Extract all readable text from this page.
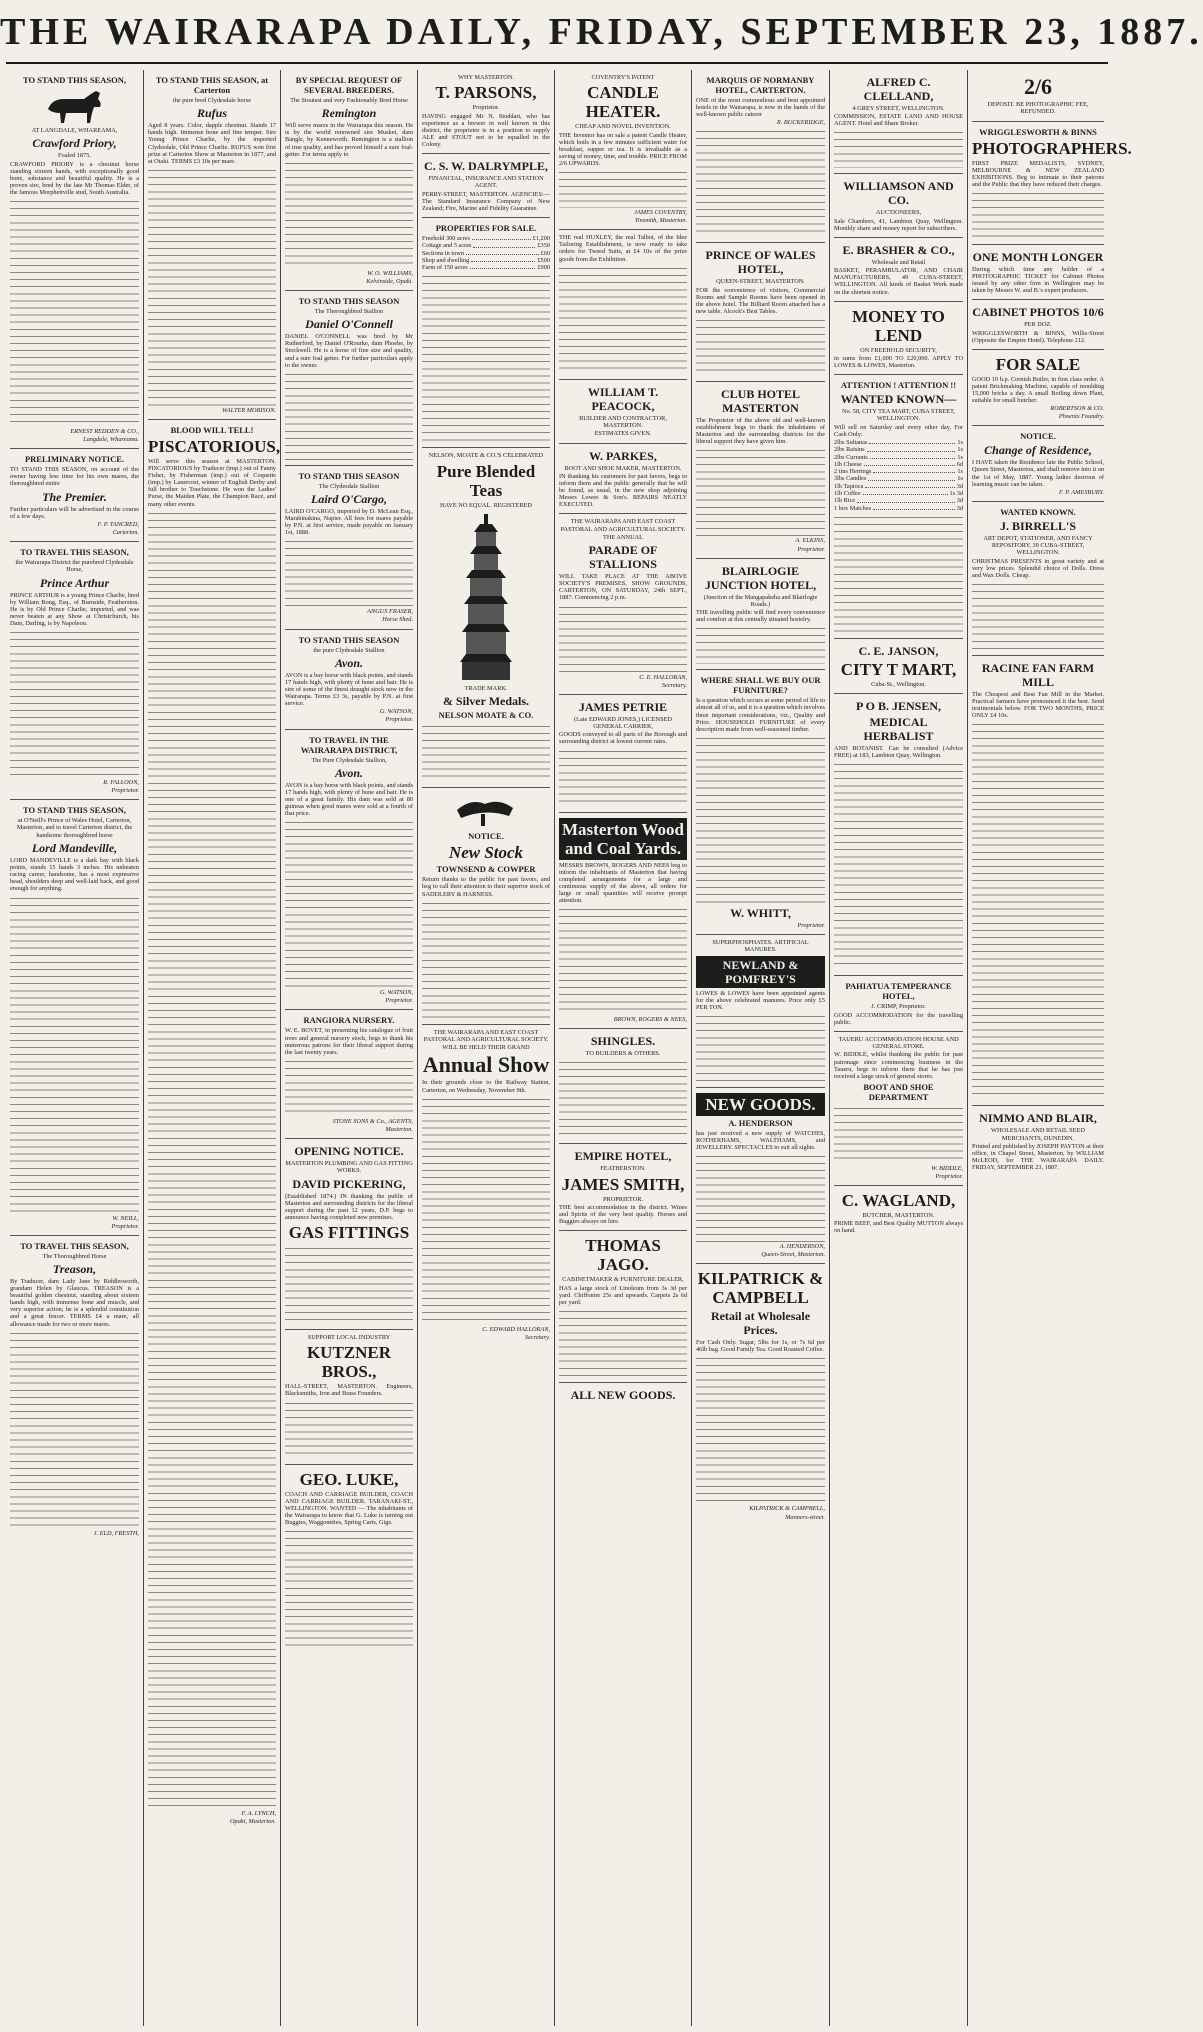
THE WAIRARAPA DAILY, FRIDAY, SEPTEMBER 23, 1887.
TO STAND THIS SEASON,
AT LANGDALE, WHAREAMA,
Crawford Priory,
Foaled 1875.
CRAWFORD PRIORY is a chestnut horse standing sixteen hands, with exceptionally good bone, substance and beautiful quality. He is a proven sire, bred by the late Mr Thomas Elder, of the famous Morphettville stud, South Australia.
ERNEST REDDEN & CO.,
Langdale, Whareama.
PRELIMINARY NOTICE.
TO STAND THIS SEASON, on account of the owner having less time for his own mares, the thoroughbred entire
The Premier.
Further particulars will be advertised in the course of a few days.
F. P. TANCRED,
Carterton.
TO TRAVEL THIS SEASON,
the Wairarapa District the purebred Clydesdale Horse,
Prince Arthur
PRINCE ARTHUR is a young Prince Charlie, bred by William Bong, Esq., of Burnside, Featherston. He is by Old Prince Charlie, imported, and was never beaten at any Show at Christchurch, his Dam, Darling, is by Napoleon.
R. FALLOON,
Proprietor.
TO STAND THIS SEASON,
at O'Neill's Prince of Wales Hotel, Carterton, Masterton, and to travel Carterton district, the handsome thoroughbred horse
Lord Mandeville,
LORD MANDEVILLE is a dark bay with black points, stands 15 hands 3 inches. His unbeaten racing career, handsome, has a most expressive head, shoulders deep and well-laid back, and good enough for anything.
W. NEILL,
Proprietor.
TO TRAVEL THIS SEASON,
The Thoroughbred Horse
Treason,
By Traducer, dam Lady Jane by Riddlesworth, grandam Helen by Glaucus. TREASON is a beautiful golden chestnut, standing about sixteen hands high, with immense bone and muscle, and very superior action; he is a splendid constitution and a great fencer. TERMS £4 a mare, all allowance made for two or more mares.
J. ELD, FRESTH,
TO STAND THIS SEASON, at Carterton
the pure bred Clydesdale horse
Rufus
Aged 8 years. Color, dapple chestnut. Stands 17 hands high. Immense bone and fine temper. Sire Young Prince Charlie, by the imported Clydesdale, Old Prince Charlie. RUFUS won first prize at Carterton Show at Masterton in 1877, and at Otaki. TERMS £3 10s per mare.
WALTER MORISON.
BLOOD WILL TELL!
PISCATORIOUS,
Will serve this season at MASTERTON. PISCATORIOUS by Traducer (imp.) out of Fanny Fisher, by Fisherman (imp.) out of Coquette (imp.) by Lanercost, winner of English Derby and full brother to Touchstone. He won the Ladies' Purse, the Maiden Plate, the Champion Race, and many other events.
F. A. LYNCH,
Opaki, Masterton.
BY SPECIAL REQUEST OF SEVERAL BREEDERS.
The Stoutest and very Fashionably Bred Horse
Remington
Will serve mares in the Wairarapa this season. He is by the world renowned sire Musket, dam Bangle, by Kenneworth. Remington is a stallion of true quality, and has proved himself a sure foal-getter. For terms apply to
W. O. WILLIAMS,
Kelvinside, Opaki.
TO STAND THIS SEASON
The Thoroughbred Stallion
Daniel O'Connell
DANIEL O'CONNELL was bred by Mr Rutherford, by Daniel O'Rourke, dam Phoebe, by Stockwell. He is a horse of fine size and quality, and a sure foal getter. For further particulars apply to the owner.
TO STAND THIS SEASON
The Clydesdale Stallion
Laird O'Cargo,
LAIRD O'CARGO, imported by D. McLean Esq., Marahinakina, Napier. All fees for mares payable by P.N. at first service, made payable on January 1st, 1888.
ANGUS FRASER,
Horse Shed.
TO STAND THIS SEASON
the pure Clydesdale Stallion
Avon.
AVON is a bay horse with black points, and stands 17 hands high, with plenty of bone and hair. He is sire of some of the finest draught stock now in the Wairarapa. Terms £3 3s, payable by P.N. at first service.
G. WATSON,
Proprietor.
TO TRAVEL IN THE WAIRARAPA DISTRICT,
The Pure Clydesdale Stallion,
Avon.
AVON is a bay horse with black points, and stands 17 hands high, with plenty of bone and hair. He is one of a great family. His dam was sold at 80 guineas when good mares were sold at a fourth of that price.
G. WATSON,
Proprietor.
RANGIORA NURSERY.
W. E. BOVET, in presenting his catalogue of fruit trees and general nursery stock, begs to thank his numerous patrons for their liberal support during the last twenty years.
STONE SONS & Co., AGENTS,
Masterton.
OPENING NOTICE.
MASTERTON PLUMBING AND GAS FITTING WORKS.
DAVID PICKERING,
(Established 1874.) IN thanking the public of Masterton and surrounding districts for the liberal support during the past 12 years, D.P. begs to announce having completed new premises.
GAS FITTINGS
SUPPORT LOCAL INDUSTRY
KUTZNER BROS.,
HALL-STREET, MASTERTON. Engineers, Blacksmiths, Iron and Brass Founders.
GEO. LUKE,
COACH AND CARRIAGE BUILDER, COACH AND CARRIAGE BUILDER. TARANAKI-ST., WELLINGTON. WANTED — The inhabitants of the Wairarapa to know that G. Luke is turning out Buggies, Waggonettes, Spring Carts, Gigs.
WHY MASTERTON.
T. PARSONS,
Proprietor.
HAVING engaged Mr N. Stoddart, who has experience as a brewer in well known in this district, the proprietor is in a position to supply ALE and STOUT not to be equalled in the Colony.
C. S. W. DALRYMPLE,
FINANCIAL, INSURANCE AND STATION AGENT.
PERRY-STREET, MASTERTON. AGENCIES:—The Standard Insurance Company of New Zealand; Fire, Marine and Fidelity Guarantee.
PROPERTIES FOR SALE.
Freehold 300 acres	£1,200
Cottage and 5 acres	£350
Sections in town	£60
Shop and dwelling	£500
Farm of 150 acres	£900
NELSON, MOATE & CO.'S CELEBRATED
Pure Blended Teas
HAVE NO EQUAL. REGISTERED
TRADE MARK.
& Silver Medals.
NELSON MOATE & CO.
NOTICE.
New Stock
TOWNSEND & COWPER
Return thanks to the public for past favors, and beg to call their attention to their superior stock of SADDLERY & HARNESS.
THE WAIRARAPA AND EAST COAST PASTORAL AND AGRICULTURAL SOCIETY.
WILL BE HELD THEIR GRAND
Annual Show
In their grounds close to the Railway Station, Carterton, on Wednesday, November 9th.
C. EDWARD HALLORAN,
Secretary.
COVENTRY'S PATENT
CANDLE HEATER.
CHEAP AND NOVEL INVENTION.
THE Inventor has on sale a patent Candle Heater, which boils in a few minutes sufficient water for breakfast, supper or tea. It is invaluable as a saving of money, time, and trouble. PRICE FROM 2/6 UPWARDS.
JAMES COVENTRY,
Tinsmith, Masterton.
THE real HUXLEY, the real Talbot, of the Idee Tailoring Establishment, is now ready to take orders for Tweed Suits, at £4 10s of the prize goods from the Exhibition.
WILLIAM T. PEACOCK,
BUILDER AND CONTRACTOR, MASTERTON.
ESTIMATES GIVEN.
W. PARKES,
BOOT AND SHOE MAKER, MASTERTON.
IN thanking his customers for past favors, begs to inform them and the public generally that he will be found, as usual, in the new shop adjoining Messrs Lowes & Son's. REPAIRS NEATLY EXECUTED.
THE WAIRARAPA AND EAST COAST PASTORAL AND AGRICULTURAL SOCIETY.
THE ANNUAL
PARADE OF STALLIONS
WILL TAKE PLACE AT THE ABOVE SOCIETY'S PREMISES, SHOW GROUNDS, CARTERTON, ON SATURDAY, 24th SEPT., 1887. Commencing 2 p.m.
C. E. HALLORAN,
Secretary.
JAMES PETRIE
(Late EDWARD JONES,) LICENSED GENERAL CARRIER,
GOODS conveyed to all parts of the Borough and surrounding district at lowest current rates.
Masterton Wood and Coal Yards.
MESSRS BROWN, ROGERS AND NEES beg to inform the inhabitants of Masterton that having completed arrangements for a large and continuous supply of the above, all orders for large or small quantities will receive prompt attention.
BROWN, ROGERS & NEES,
SHINGLES.
TO BUILDERS & OTHERS.
EMPIRE HOTEL,
FEATHERSTON.
JAMES SMITH,
PROPRIETOR.
THE best accommodation in the district. Wines and Spirits of the very best quality. Horses and Buggies always on hire.
THOMAS JAGO.
CABINETMAKER & FURNITURE DEALER,
HAS a large stock of Linoleum from 3s 3d per yard. Chiffonier 25s and upwards. Carpets 2s 6d per yard.
ALL NEW GOODS.
MARQUIS OF NORMANBY HOTEL, CARTERTON.
ONE of the most commodious and best appointed hotels in the Wairarapa, is now in the hands of the well-known public caterer
R. BUCKERIDGE,
PRINCE OF WALES HOTEL,
QUEEN-STREET, MASTERTON.
FOR the convenience of visitors, Commercial Rooms and Sample Rooms have been opened in the above hotel. The Billiard Room attached has a new table. Alcock's Best Tables.
CLUB HOTEL MASTERTON
The Proprietor of the above old and well-known establishment begs to thank the inhabitants of Masterton and the surrounding districts for the liberal support they have given him.
A. ELKINS,
Proprietor.
BLAIRLOGIE JUNCTION HOTEL,
(Junction of the Mangapakeha and Blairlogie Roads.)
THE travelling public will find every convenience and comfort at this centrally situated hostelry.
WHERE SHALL WE BUY OUR FURNITURE?
Is a question which occurs at some period of life to almost all of us, and it is a question which involves three important considerations, viz., Quality and Price. HOUSEHOLD FURNITURE of every description made from well-seasoned timber.
W. WHITT,
Proprietor.
SUPERPHOSPHATES. ARTIFICIAL MANURES.
NEWLAND & POMFREY'S
LOWES & LOWES have been appointed agents for the above celebrated manures. Price only £5 PER TON.
NEW GOODS.
A. HENDERSON
has just received a new supply of WATCHES, ROTHERHAMS, WALTHAMS, and JEWELLERY. SPECTACLES to suit all sights.
A. HENDERSON,
Queen-Street, Masterton.
KILPATRICK & CAMPBELL
Retail at Wholesale Prices.
For Cash Only. Sugar, 5lbs for 1s, or 7s 6d per 46lb bag. Good Family Tea. Good Roasted Coffee.
KILPATRICK & CAMPBELL,
Manners-street.
ALFRED C. CLELLAND,
4 GREY STREET, WELLINGTON.
COMMISSION, ESTATE LAND AND HOUSE AGENT. Hotel and Share Broker.
WILLIAMSON AND CO.
AUCTIONEERS,
Sale Chambers, 41, Lambton Quay, Wellington. Monthly share and money report for subscribers.
E. BRASHER & CO.,
Wholesale and Retail
BASKET, PERAMBULATOR, AND CHAIR MANUFACTURERS, 49 CUBA-STREET, WELLINGTON. All kinds of Basket Work made on the shortest notice.
MONEY TO LEND
ON FREEHOLD SECURITY,
in sums from £1,000 TO £20,000. APPLY TO LOWES & LOWES, Masterton.
ATTENTION ! ATTENTION !!
WANTED KNOWN—
No. 58, CITY TEA MART, CUBA STREET, WELLINGTON.
Will sell on Saturday and every other day, For Cash Only:
2lbs Sultanas	1s
2lbs Raisins	1s
2lbs Currants	1s
1lb Cheese	6d
2 tins Herrings	1s
3lbs Candles	1s
1lb Tapioca	3d
1lb Coffee	1s 3d
1lb Rice	3d
1 box Matches	3d
C. E. JANSON,
CITY T MART,
Cuba-St., Wellington.
P O B. JENSEN,
MEDICAL HERBALIST
AND BOTANIST. Can be consulted (Advice FREE) at 183, Lambton Quay, Wellington.
PAHIATUA TEMPERANCE HOTEL,
J. CRIMP, Proprietor.
GOOD ACCOMMODATION for the travelling public.
TAUERU ACCOMMODATION HOUSE AND GENERAL STORE.
W. BIDDLE, whilst thanking the public for past patronage since commencing business in the Taueru, begs to inform them that he has just received a large stock of general stores.
BOOT AND SHOE DEPARTMENT
W. BIDDLE,
Proprietor.
C. WAGLAND,
BUTCHER, MASTERTON.
PRIME BEEF, and Best Quality MUTTON always on hand.
2/6
DEPOSIT. BE PHOTOGRAPHIC FEE, REFUNDED.
WRIGGLESWORTH & BINNS
PHOTOGRAPHERS.
FIRST PRIZE MEDALISTS, SYDNEY, MELBOURNE & NEW ZEALAND EXHIBITIONS. Beg to intimate to their patrons and the Public that they have reduced their charges.
ONE MONTH LONGER
During which time any holder of a PHOTOGRAPHIC TICKET for Cabinet Photos issued by any other firm in Wellington may be taken by Messrs W. and B.'s expert producers.
CABINET PHOTOS 10/6
PER DOZ.
WRIGGLESWORTH & BINNS, Willis-Street (Opposite the Empire Hotel). Telephone 212.
FOR SALE
GOOD 10 h.p. Cornish Boiler, in first class order. A patent Brickmaking Machine, capable of moulding 15,000 bricks a day. A small Boiling down Plant, suitable for small butcher.
ROBERTSON & CO.
Phoenix Foundry.
NOTICE.
Change of Residence,
I HAVE taken the Residence late the Public School, Queen Street, Masterton, and shall remove into it on the 1st of May, 1887. Young ladies desirous of learning music can be taken.
F. P. AMESBURY.
WANTED KNOWN.
J. BIRRELL'S
ART DEPOT, STATIONER, AND FANCY REPOSITORY, 39 CUBA-STREET, WELLINGTON.
CHRISTMAS PRESENTS in great variety and at very low prices. Splendid choice of Dolls. Dress and Wax Dolls. Cheap.
RACINE FAN FARM MILL
The Cheapest and Best Fan Mill in the Market. Practical farmers have pronounced it the best. Send testimonials below. FOR TWO MONTHS, PRICE ONLY £4 10s.
NIMMO AND BLAIR,
WHOLESALE AND RETAIL SEED MERCHANTS, DUNEDIN.
Printed and published by JOSEPH PAYTON at their office, in Chapel Street, Masterton, by WILLIAM McLEOD, for THE WAIRARAPA DAILY. FRIDAY, SEPTEMBER 23, 1887.
